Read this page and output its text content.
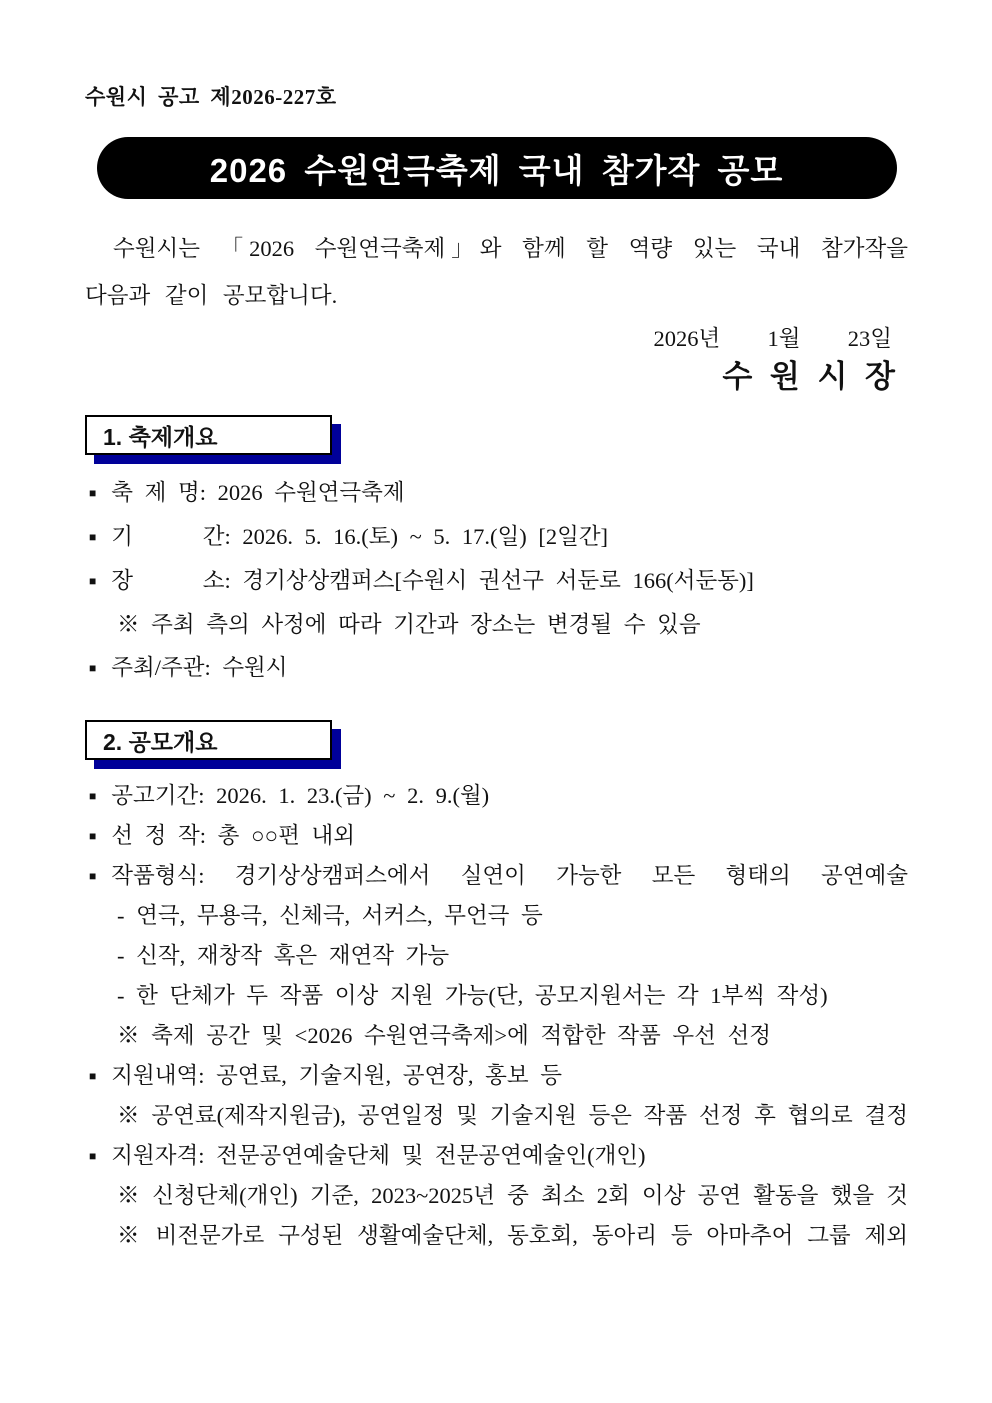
수원시 공고 제2026-227호
2026 수원연극축제 국내 참가작 공모

수원시는 「2026 수원연극축제」와 함께 할 역량 있는 국내 참가작을
다음과 같이 공모합니다.

2026년  1월  23일
수 원 시 장
1. 축제개요
■ 축 제 명: 2026 수원연극축제
■ 기      간: 2026. 5. 16.(토) ~ 5. 17.(일) [2일간]
■ 장      소: 경기상상캠퍼스[수원시 권선구 서둔로 166(서둔동)]
※ 주최 측의 사정에 따라 기간과 장소는 변경될 수 있음
■ 주최/주관: 수원시
2. 공모개요
■ 공고기간: 2026. 1. 23.(금) ~ 2. 9.(월)
■ 선 정 작: 총 ○○편 내외
■ 작품형식: 경기상상캠퍼스에서 실연이 가능한 모든 형태의 공연예술
- 연극, 무용극, 신체극, 서커스, 무언극 등
- 신작, 재창작 혹은 재연작 가능
- 한 단체가 두 작품 이상 지원 가능(단, 공모지원서는 각 1부씩 작성)
※ 축제 공간 및 <2026 수원연극축제>에 적합한 작품 우선 선정
■ 지원내역: 공연료, 기술지원, 공연장, 홍보 등
※ 공연료(제작지원금), 공연일정 및 기술지원 등은 작품 선정 후 협의로 결정
■ 지원자격: 전문공연예술단체 및 전문공연예술인(개인)
※ 신청단체(개인) 기준, 2023~2025년 중 최소 2회 이상 공연 활동을 했을 것
※ 비전문가로 구성된 생활예술단체, 동호회, 동아리 등 아마추어 그룹 제외
